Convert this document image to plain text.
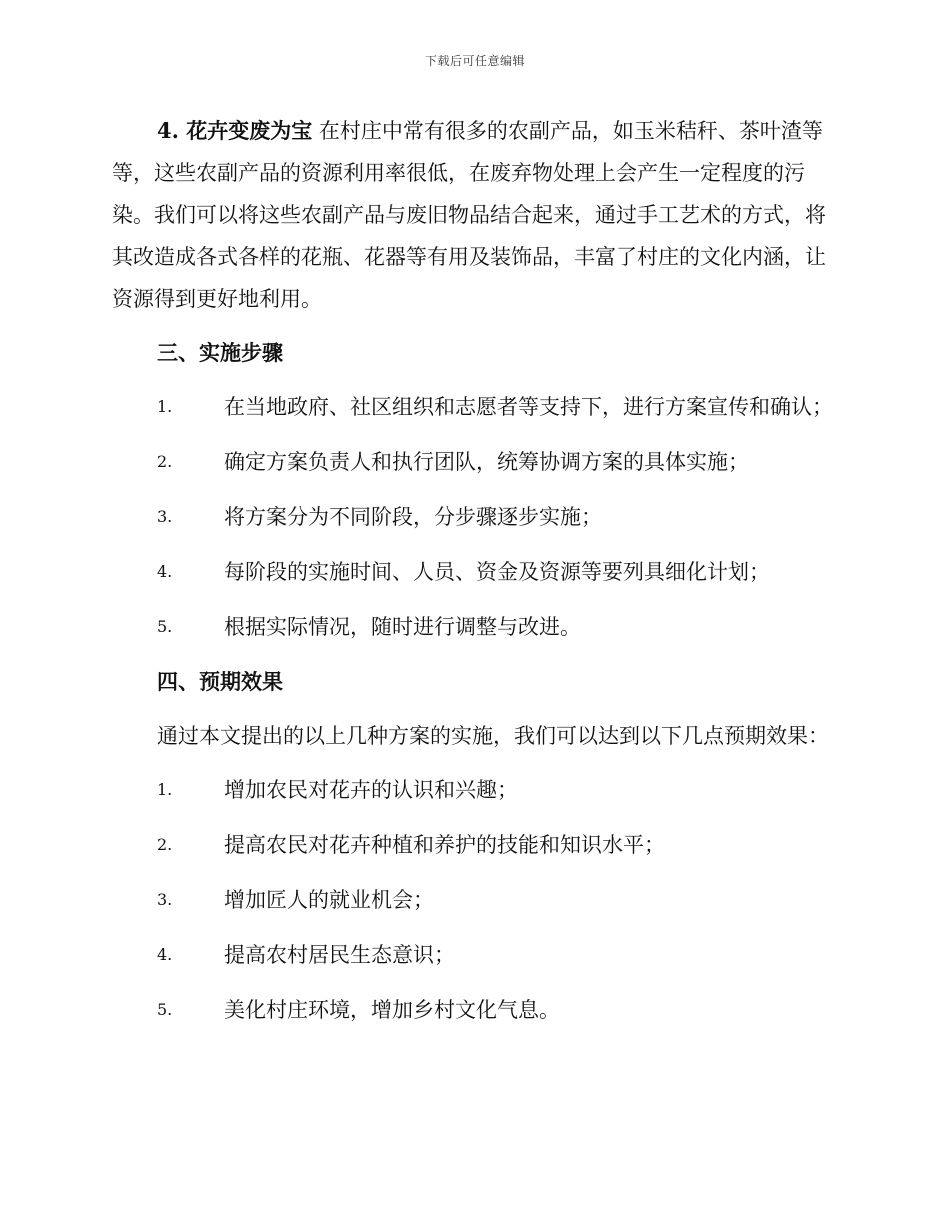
下载后可任意编辑

4. 花卉变废为宝 在村庄中常有很多的农副产品，如玉米秸秆、茶叶渣等等，这些农副产品的资源利用率很低，在废弃物处理上会产生一定程度的污染。我们可以将这些农副产品与废旧物品结合起来，通过手工艺术的方式，将其改造成各式各样的花瓶、花器等有用及装饰品，丰富了村庄的文化内涵，让资源得到更好地利用。

三、实施步骤
1.	在当地政府、社区组织和志愿者等支持下，进行方案宣传和确认；
2.	确定方案负责人和执行团队，统筹协调方案的具体实施；
3.	将方案分为不同阶段，分步骤逐步实施；
4.	每阶段的实施时间、人员、资金及资源等要列具细化计划；
5.	根据实际情况，随时进行调整与改进。
四、预期效果

通过本文提出的以上几种方案的实施，我们可以达到以下几点预期效果：

1.	增加农民对花卉的认识和兴趣；
2.	提高农民对花卉种植和养护的技能和知识水平；
3.	增加匠人的就业机会；
4.	提高农村居民生态意识；
5.	美化村庄环境，增加乡村文化气息。
